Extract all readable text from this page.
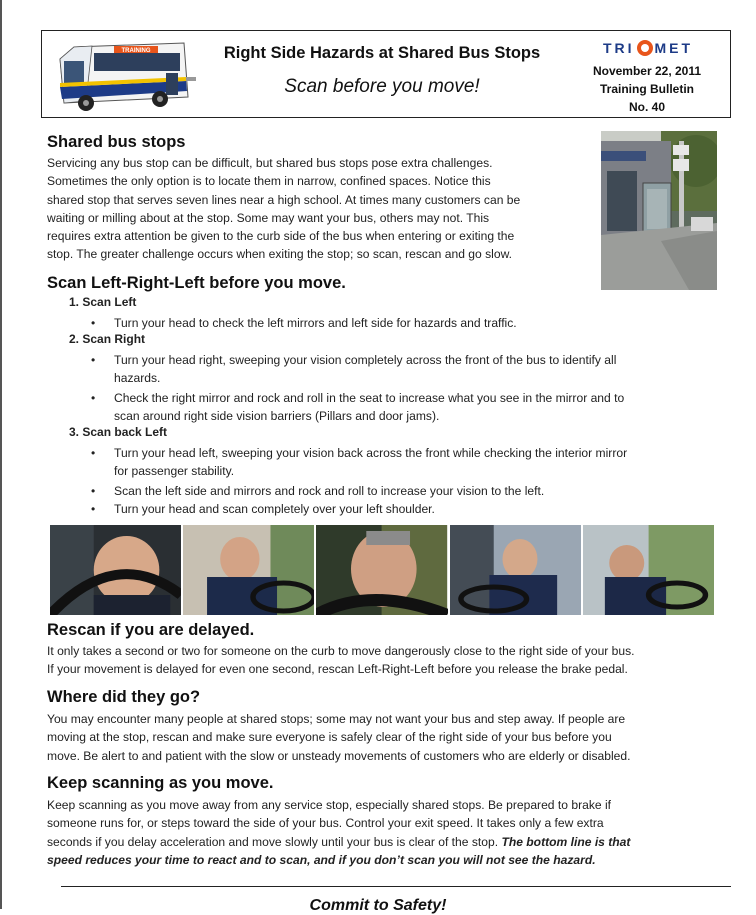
TRAINING	Right Side Hazards at Shared Bus Stops
Scan before you move!
TRI MET
November 22, 2011
Training Bulletin
No. 40
Shared bus stops
Servicing any bus stop can be difficult, but shared bus stops pose extra challenges.
Sometimes the only option is to locate them in narrow, confined spaces. Notice this
shared stop that serves seven lines near a high school. At times many customers can be
waiting or milling about at the stop. Some may want your bus, others may not. This
requires extra attention be given to the curb side of the bus when entering or exiting the
stop. The greater challenge occurs when exiting the stop; so scan, rescan and go slow.
Scan Left-Right-Left before you move.
1. Scan Left
• Turn your head to check the left mirrors and left side for hazards and traffic.
2. Scan Right
• Turn your head right, sweeping your vision completely across the front of the bus to identify all
hazards.
• Check the right mirror and rock and roll in the seat to increase what you see in the mirror and to
scan around right side vision barriers (Pillars and door jams).
3. Scan back Left
• Turn your head left, sweeping your vision back across the front while checking the interior mirror
for passenger stability.
• Scan the left side and mirrors and rock and roll to increase your vision to the left.
• Turn your head and scan completely over your left shoulder.
Rescan if you are delayed.
It only takes a second or two for someone on the curb to move dangerously close to the right side of your bus.
If your movement is delayed for even one second, rescan Left-Right-Left before you release the brake pedal.
Where did they go?
You may encounter many people at shared stops; some may not want your bus and step away. If people are
moving at the stop, rescan and make sure everyone is safely clear of the right side of your bus before you
move. Be alert to and patient with the slow or unsteady movements of customers who are elderly or disabled.
Keep scanning as you move.
Keep scanning as you move away from any service stop, especially shared stops. Be prepared to brake if
someone runs for, or steps toward the side of your bus. Control your exit speed. It takes only a few extra
seconds if you delay acceleration and move slowly until your bus is clear of the stop. The bottom line is that
speed reduces your time to react and to scan, and if you don’t scan you will not see the hazard.
Commit to Safety!
